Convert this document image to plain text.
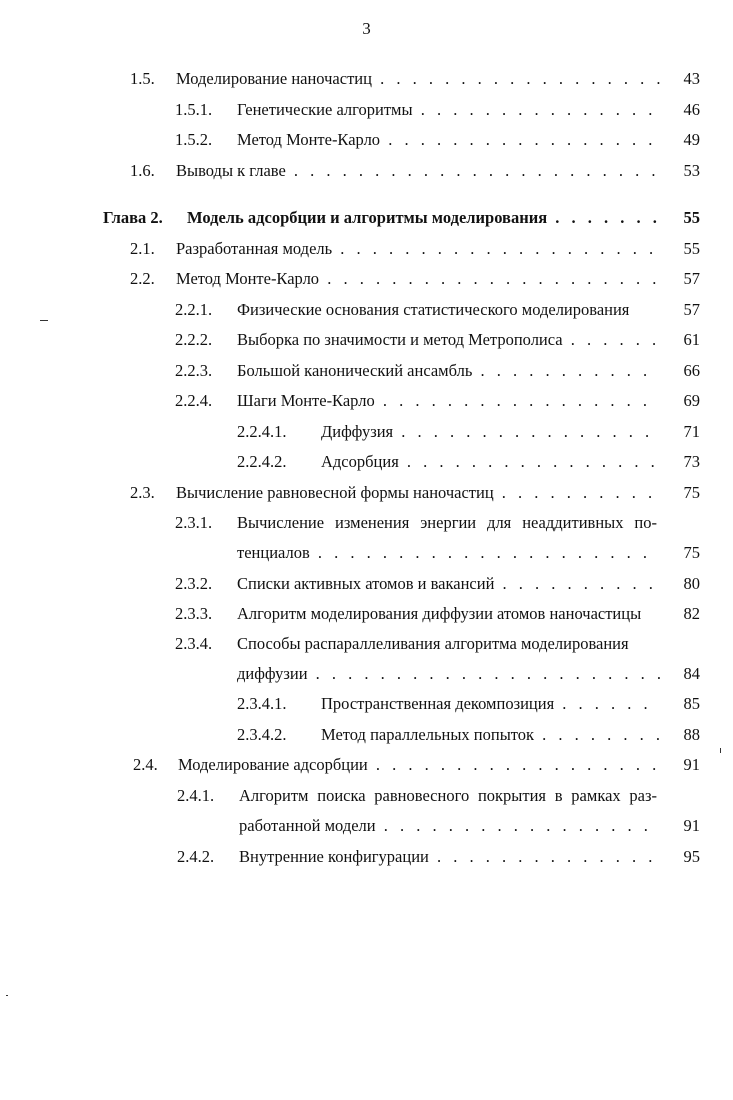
3
1.5. Моделирование наночастиц . . .	43
1.5.1. Генетические алгоритмы . . .	46
1.5.2. Метод Монте-Карло . . .	49
1.6. Выводы к главе . . .	53
Глава 2. Модель адсорбции и алгоритмы моделирования . . .	55
2.1. Разработанная модель . . .	55
2.2. Метод Монте-Карло . . .	57
2.2.1. Физические основания статистического моделирования	57
2.2.2. Выборка по значимости и метод Метрополиса . . .	61
2.2.3. Большой канонический ансамбль . . .	66
2.2.4. Шаги Монте-Карло . . .	69
2.2.4.1. Диффузия . . .	71
2.2.4.2. Адсорбция . . .	73
2.3. Вычисление равновесной формы наночастиц . . .	75
2.3.1. Вычисление изменения энергии для неаддитивных по-
тенциалов . . .	75
2.3.2. Списки активных атомов и вакансий . . .	80
2.3.3. Алгоритм моделирования диффузии атомов наночастицы	82
2.3.4. Способы распараллеливания алгоритма моделирования
диффузии . . .	84
2.3.4.1. Пространственная декомпозиция . . .	85
2.3.4.2. Метод параллельных попыток . . .	88
2.4. Моделирование адсорбции . . .	91
2.4.1. Алгоритм поиска равновесного покрытия в рамках раз-
работанной модели . . .	91
2.4.2. Внутренние конфигурации . . .	95
